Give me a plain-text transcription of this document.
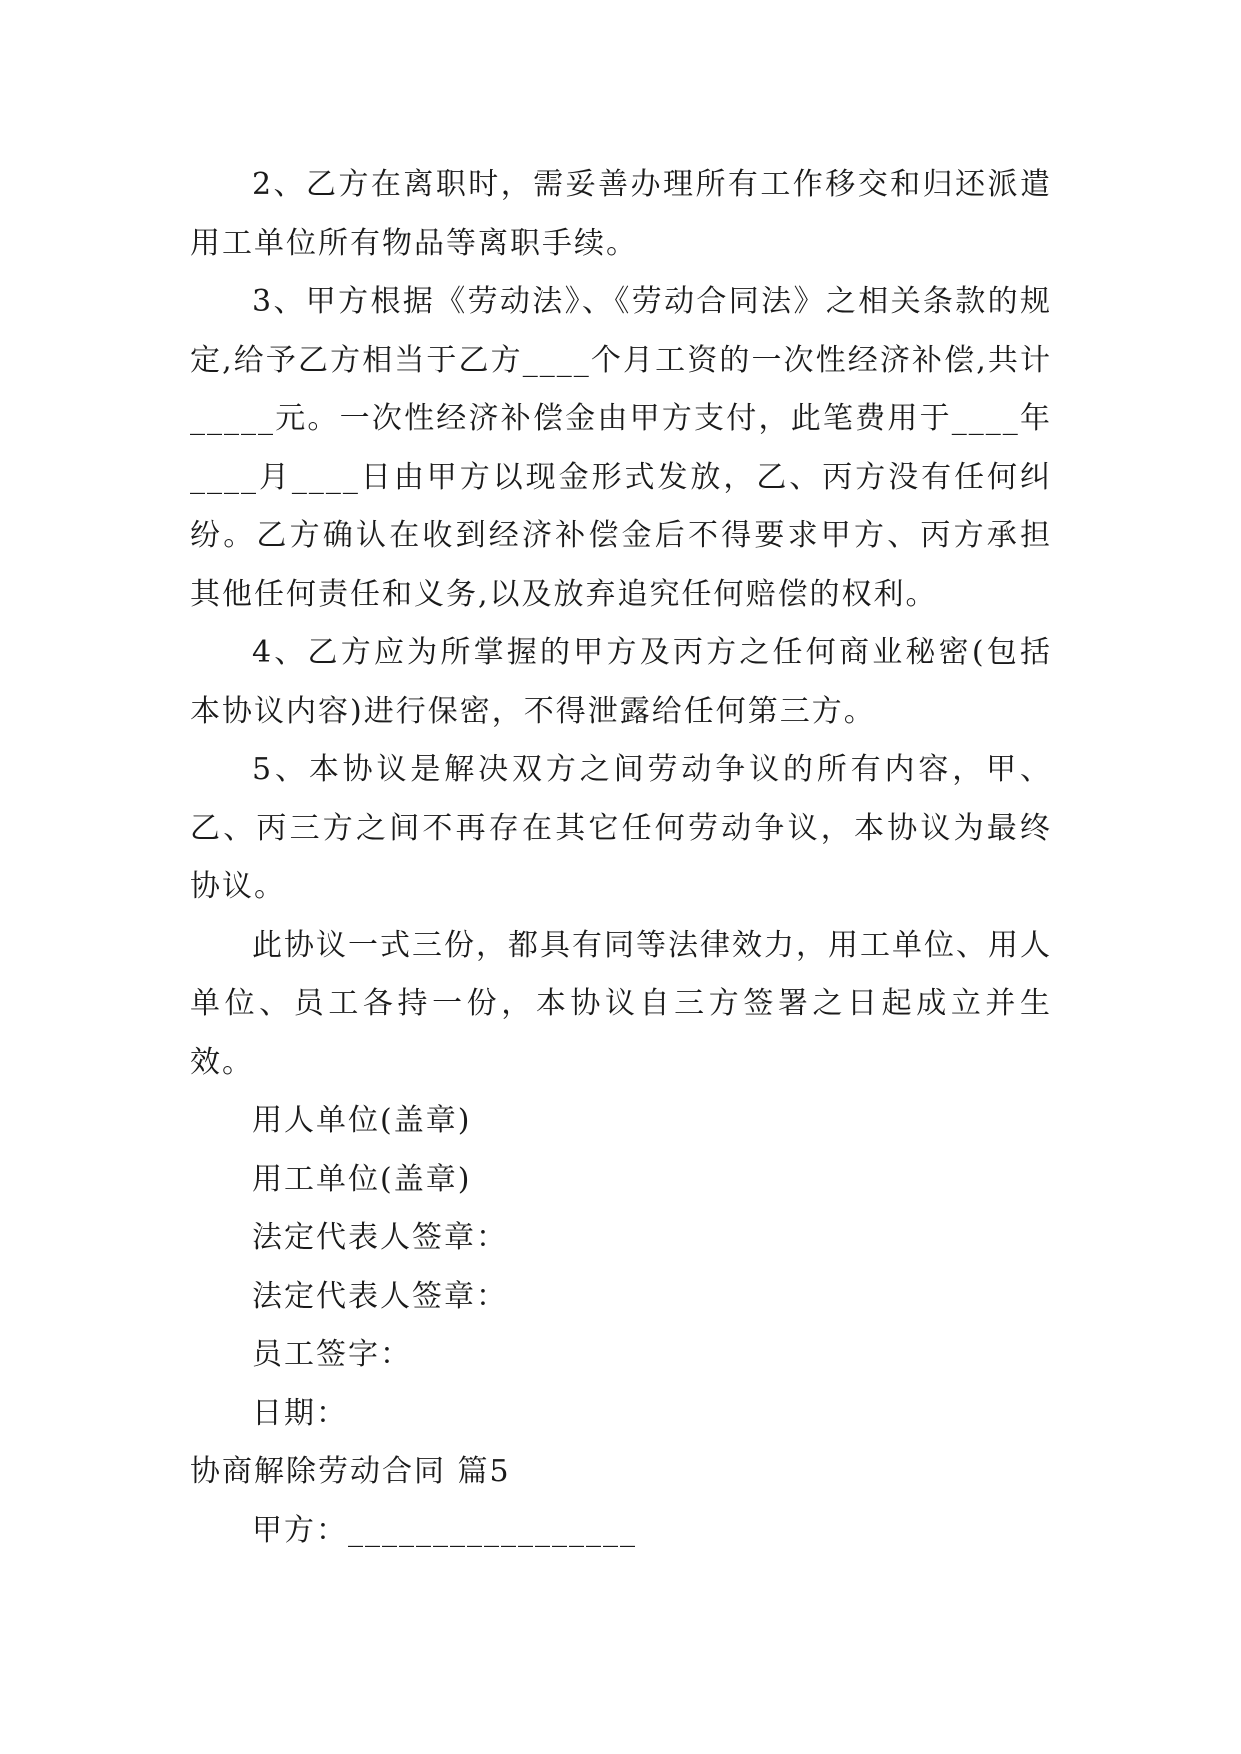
2、乙方在离职时，需妥善办理所有工作移交和归还派遣用工单位所有物品等离职手续。

3、甲方根据《劳动法》、《劳动合同法》之相关条款的规定,给予乙方相当于乙方____个月工资的一次性经济补偿,共计_____元。一次性经济补偿金由甲方支付，此笔费用于____年____月____日由甲方以现金形式发放，乙、丙方没有任何纠纷。乙方确认在收到经济补偿金后不得要求甲方、丙方承担其他任何责任和义务,以及放弃追究任何赔偿的权利。

4、乙方应为所掌握的甲方及丙方之任何商业秘密(包括本协议内容)进行保密，不得泄露给任何第三方。

5、本协议是解决双方之间劳动争议的所有内容，甲、乙、丙三方之间不再存在其它任何劳动争议，本协议为最终协议。

此协议一式三份，都具有同等法律效力，用工单位、用人单位、员工各持一份，本协议自三方签署之日起成立并生效。

用人单位(盖章)

用工单位(盖章)

法定代表人签章：

法定代表人签章：

员工签字：

日期：

协商解除劳动合同 篇5

甲方：_________________
